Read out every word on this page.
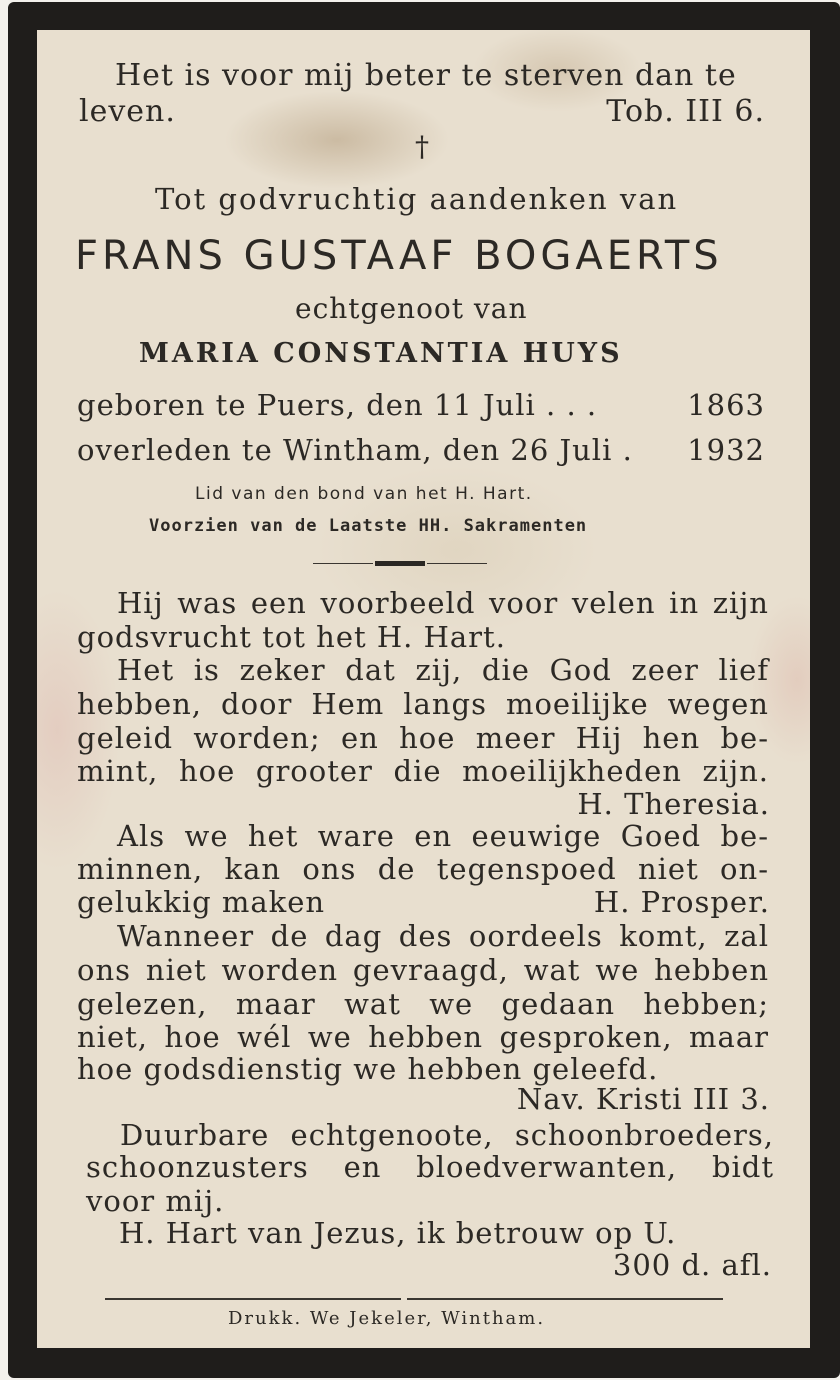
Het is voor mij beter te sterven dan te
leven.	Tob. III 6.
†
Tot godvruchtig aandenken van
FRANS GUSTAAF BOGAERTS
echtgenoot van
MARIA CONSTANTIA HUYS
geboren te Puers, den 11 Juli . . .	1863
overleden te Wintham, den 26 Juli . 1932
Lid van den bond van het H. Hart.
Voorzien van de Laatste HH. Sakramenten
Hij was een voorbeeld voor velen in zijn
godsvrucht tot het H. Hart.
Het is zeker dat zij, die God zeer lief
hebben, door Hem langs moeilijke wegen
geleid worden; en hoe meer Hij hen be-
mint, hoe grooter die moeilijkheden zijn.
H. Theresia.
Als we het ware en eeuwige Goed be-
minnen, kan ons de tegenspoed niet on-
gelukkig maken	H. Prosper.
Wanneer de dag des oordeels komt, zal
ons niet worden gevraagd, wat we hebben
gelezen, maar wat we gedaan hebben;
niet, hoe wél we hebben gesproken, maar
hoe godsdienstig we hebben geleefd.
Nav. Kristi III 3.
Duurbare echtgenoote, schoonbroeders,
schoonzusters en bloedverwanten, bidt
voor mij.
H. Hart van Jezus, ik betrouw op U.
300 d. afl.
Drukk. We Jekeler, Wintham.
